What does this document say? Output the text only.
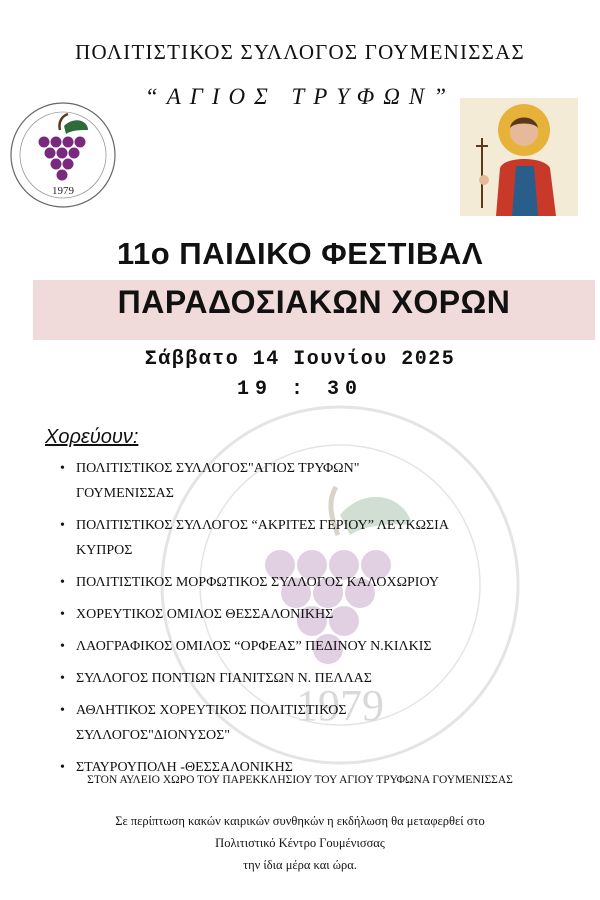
1979
ΠΟΛΙΤΙΣΤΙΚΟΣ ΣΥΛΛΟΓΟΣ ΓΟΥΜΕΝΙΣΣΑΣ
“ΑΓΙΟΣ ΤΡΥΦΩΝ”
1979
11ο ΠΑΙΔΙΚΟ ΦΕΣΤΙΒΑΛ
ΠΑΡΑΔΟΣΙΑΚΩΝ ΧΟΡΩΝ
Σάββατο 14 Ιουνίου 2025
19 : 30
Χορεύουν:
• ΠΟΛΙΤΙΣΤΙΚΟΣ ΣΥΛΛΟΓΟΣ"ΑΓΙΟΣ ΤΡΥΦΩΝ"
ΓΟΥΜΕΝΙΣΣΑΣ
• ΠΟΛΙΤΙΣΤΙΚΟΣ ΣΥΛΛΟΓΟΣ “ΑΚΡΙΤΕΣ ΓΕΡΙΟΥ” ΛΕΥΚΩΣΙΑ
ΚΥΠΡΟΣ
• ΠΟΛΙΤΙΣΤΙΚΟΣ ΜΟΡΦΩΤΙΚΟΣ ΣΥΛΛΟΓΟΣ ΚΑΛΟΧΩΡΙΟΥ
• ΧΟΡΕΥΤΙΚΟΣ ΟΜΙΛΟΣ ΘΕΣΣΑΛΟΝΙΚΗΣ
• ΛΑΟΓΡΑΦΙΚΟΣ ΟΜΙΛΟΣ “ΟΡΦΕΑΣ” ΠΕΔΙΝΟΥ Ν.ΚΙΛΚΙΣ
• ΣΥΛΛΟΓΟΣ ΠΟΝΤΙΩΝ ΓΙΑΝΙΤΣΩΝ Ν. ΠΕΛΛΑΣ
• ΑΘΛΗΤΙΚΟΣ ΧΟΡΕΥΤΙΚΟΣ ΠΟΛΙΤΙΣΤΙΚΟΣ
ΣΥΛΛΟΓΟΣ"ΔΙΟΝΥΣΟΣ"
• ΣΤΑΥΡΟΥΠΟΛΗ -ΘΕΣΣΑΛΟΝΙΚΗΣ
ΣΤΟΝ ΑΥΛΕΙΟ ΧΩΡΟ ΤΟΥ ΠΑΡΕΚΚΛΗΣΙΟΥ ΤΟΥ ΑΓΙΟΥ ΤΡΥΦΩΝΑ ΓΟΥΜΕΝΙΣΣΑΣ
Σε περίπτωση κακών καιρικών συνθηκών η εκδήλωση θα μεταφερθεί στο
Πολιτιστικό Κέντρο Γουμένισσας
την ίδια μέρα και ώρα.
